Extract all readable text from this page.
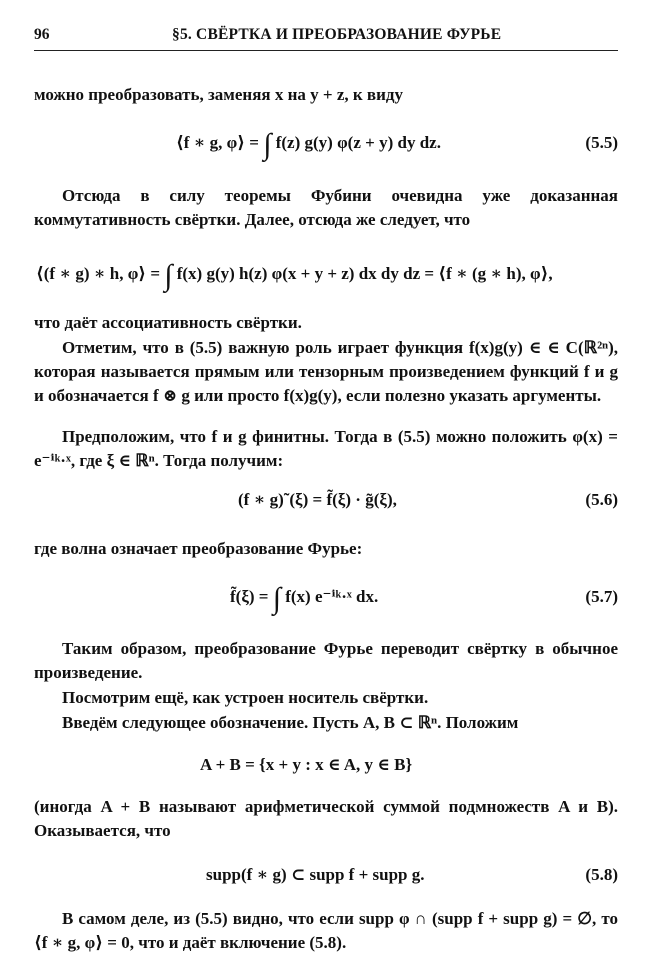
96	§5. СВЁРТКА И ПРЕОБРАЗОВАНИЕ ФУРЬЕ
можно преобразовать, заменяя x на y + z, к виду
⟨f ∗ g, φ⟩ = ∫ f(z) g(y) φ(z + y) dy dz.	(5.5)
Отсюда в силу теоремы Фубини очевидна уже доказанная коммутативность свёртки. Далее, отсюда же следует, что
⟨(f ∗ g) ∗ h, φ⟩ = ∫ f(x) g(y) h(z) φ(x + y + z) dx dy dz = ⟨f ∗ (g ∗ h), φ⟩,
что даёт ассоциативность свёртки.
Отметим, что в (5.5) важную роль играет функция f(x)g(y) ∈ ∈ C(ℝ²ⁿ), которая называется прямым или тензорным произведением функций f и g и обозначается f ⊗ g или просто f(x)g(y), если полезно указать аргументы.
Предположим, что f и g финитны. Тогда в (5.5) можно положить φ(x) = e⁻ⁱᵏ·ˣ, где ξ ∈ ℝⁿ. Тогда получим:
(f ∗ g)˜(ξ) = f̃(ξ) · g̃(ξ),	(5.6)
где волна означает преобразование Фурье:
f̃(ξ) = ∫ f(x) e⁻ⁱᵏ·ˣ dx.	(5.7)
Таким образом, преобразование Фурье переводит свёртку в обычное произведение.
Посмотрим ещё, как устроен носитель свёртки.
Введём следующее обозначение. Пусть A, B ⊂ ℝⁿ. Положим
A + B = {x + y : x ∈ A, y ∈ B}
(иногда A + B называют арифметической суммой подмножеств A и B). Оказывается, что
supp(f ∗ g) ⊂ supp f + supp g.	(5.8)
В самом деле, из (5.5) видно, что если supp φ ∩ (supp f + supp g) = ∅, то ⟨f ∗ g, φ⟩ = 0, что и даёт включение (5.8).
